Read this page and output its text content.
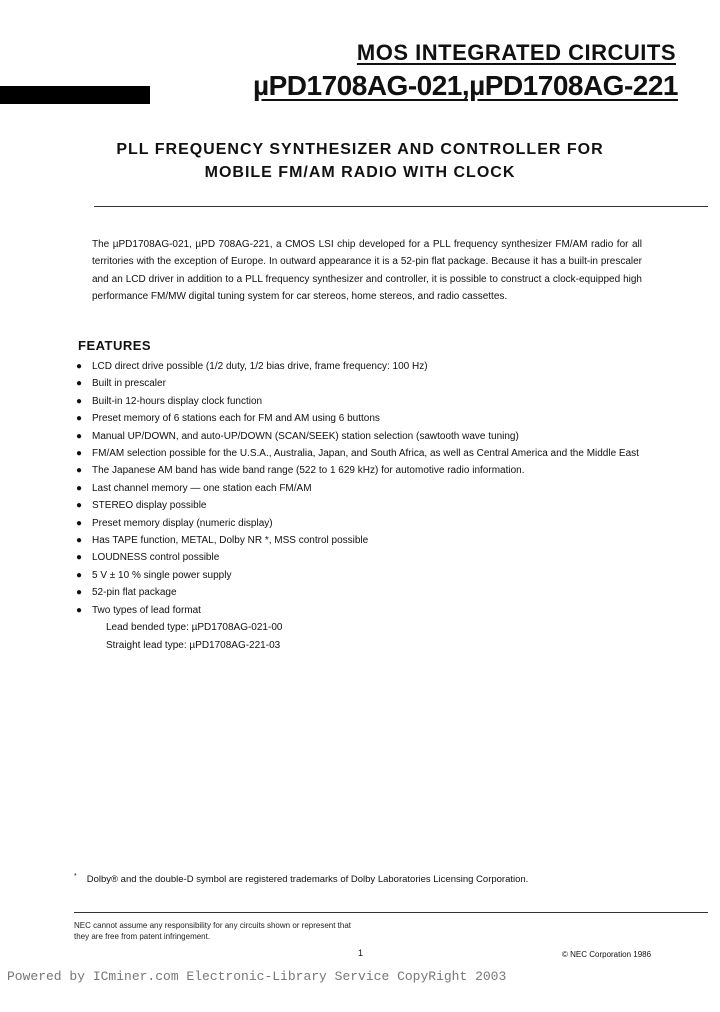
MOS INTEGRATED CIRCUITS
µPD1708AG-021,µPD1708AG-221
PLL FREQUENCY SYNTHESIZER AND CONTROLLER FOR
MOBILE FM/AM RADIO WITH CLOCK

The µPD1708AG-021, µPD 708AG-221, a CMOS LSI chip developed for a PLL frequency synthesizer FM/AM radio for all territories with the exception of Europe. In outward appearance it is a 52-pin flat package. Because it has a built-in prescaler and an LCD driver in addition to a PLL frequency synthesizer and controller, it is possible to construct a clock-equipped high performance FM/MW digital tuning system for car stereos, home stereos, and radio cassettes.

FEATURES
● LCD direct drive possible (1/2 duty, 1/2 bias drive, frame frequency: 100 Hz)
● Built in prescaler
● Built-in 12-hours display clock function
● Preset memory of 6 stations each for FM and AM using 6 buttons
● Manual UP/DOWN, and auto-UP/DOWN (SCAN/SEEK) station selection (sawtooth wave tuning)
● FM/AM selection possible for the U.S.A., Australia, Japan, and South Africa, as well as Central America and the Middle East
● The Japanese AM band has wide band range (522 to 1 629 kHz) for automotive radio information.
● Last channel memory — one station each FM/AM
● STEREO display possible
● Preset memory display (numeric display)
● Has TAPE function, METAL, Dolby NR *, MSS control possible
● LOUDNESS control possible
● 5 V ± 10 % single power supply
● 52-pin flat package
● Two types of lead format
Lead bended type: µPD1708AG-021-00
Straight lead type: µPD1708AG-221-03
* Dolby® and the double-D symbol are registered trademarks of Dolby Laboratories Licensing Corporation.
NEC cannot assume any responsibility for any circuits shown or represent that
they are free from patent infringement.
1	© NEC Corporation 1986
Powered by ICminer.com Electronic-Library Service CopyRight 2003
